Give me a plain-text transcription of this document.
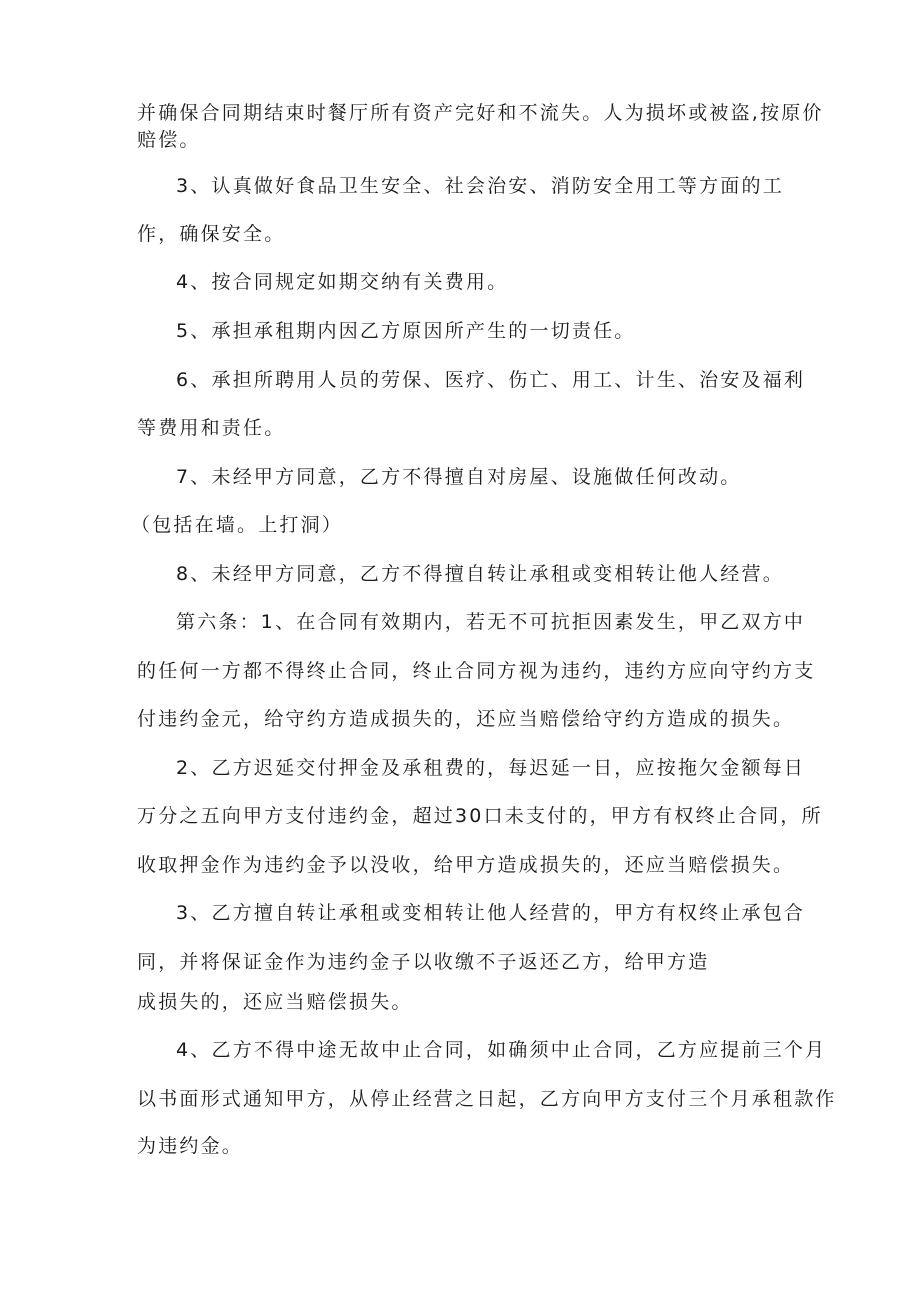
并确保合同期结束时餐厅所有资产完好和不流失。人为损坏或被盗,按原价
赔偿。
3、认真做好食品卫生安全、社会治安、消防安全用工等方面的工
作，确保安全。
4、按合同规定如期交纳有关费用。
5、承担承租期内因乙方原因所产生的一切责任。
6、承担所聘用人员的劳保、医疗、伤亡、用工、计生、治安及福利
等费用和责任。
7、未经甲方同意，乙方不得擅自对房屋、设施做任何改动。
（包括在墙。上打洞）
8、未经甲方同意，乙方不得擅自转让承租或变相转让他人经营。
第六条：1、在合同有效期内，若无不可抗拒因素发生，甲乙双方中
的任何一方都不得终止合同，终止合同方视为违约，违约方应向守约方支
付违约金元，给守约方造成损失的，还应当赔偿给守约方造成的损失。
2、乙方迟延交付押金及承租费的，每迟延一日，应按拖欠金额每日
万分之五向甲方支付违约金，超过30口未支付的，甲方有权终止合同，所
收取押金作为违约金予以没收，给甲方造成损失的，还应当赔偿损失。
3、乙方擅自转让承租或变相转让他人经营的，甲方有权终止承包合
同，并将保证金作为违约金子以收缴不子返还乙方，给甲方造
成损失的，还应当赔偿损失。
4、乙方不得中途无故中止合同，如确须中止合同，乙方应提前三个月
以书面形式通知甲方，从停止经营之日起，乙方向甲方支付三个月承租款作
为违约金。
